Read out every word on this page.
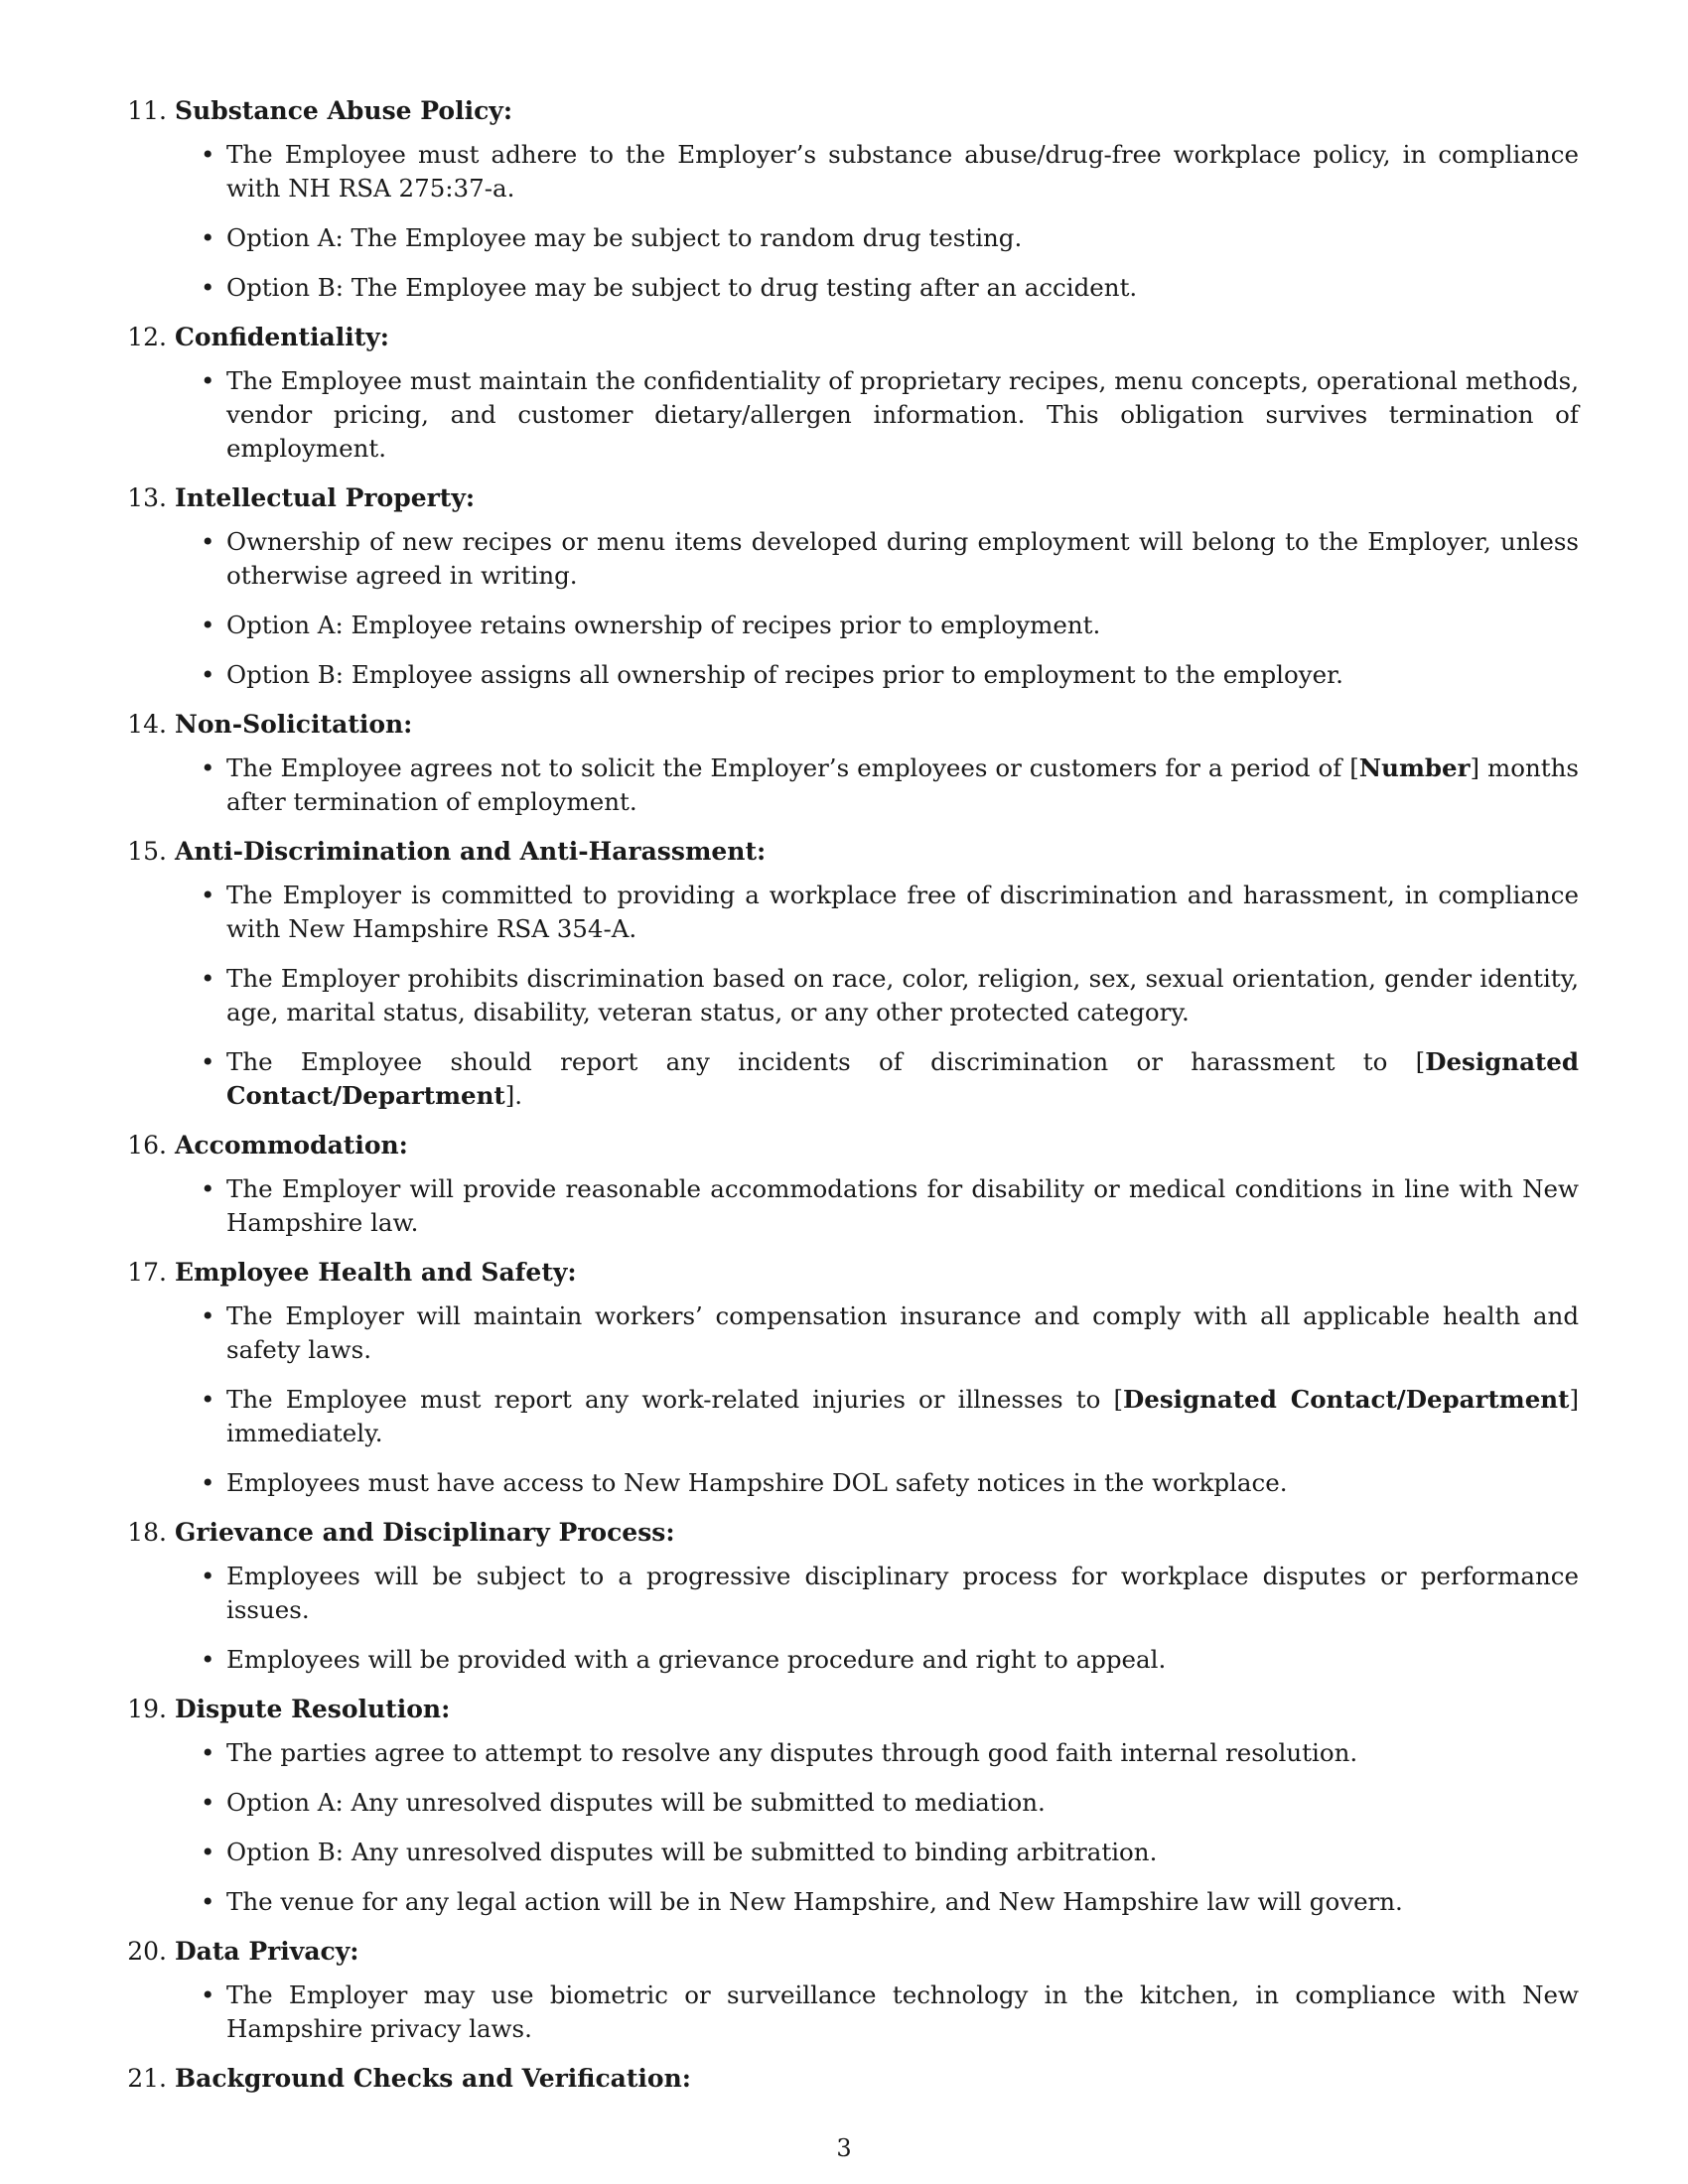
11. Substance Abuse Policy:
• The Employee must adhere to the Employer’s substance abuse/drug-free workplace policy, in compliance with NH RSA 275:37-a.
• Option A: The Employee may be subject to random drug testing.
• Option B: The Employee may be subject to drug testing after an accident.
12. Confidentiality:
• The Employee must maintain the confidentiality of proprietary recipes, menu concepts, operational methods, vendor pricing, and customer dietary/allergen information. This obligation survives termination of employment.
13. Intellectual Property:
• Ownership of new recipes or menu items developed during employment will belong to the Employer, unless otherwise agreed in writing.
• Option A: Employee retains ownership of recipes prior to employment.
• Option B: Employee assigns all ownership of recipes prior to employment to the employer.
14. Non-Solicitation:
• The Employee agrees not to solicit the Employer’s employees or customers for a period of [Number] months after termination of employment.
15. Anti-Discrimination and Anti-Harassment:
• The Employer is committed to providing a workplace free of discrimination and harassment, in compliance with New Hampshire RSA 354-A.
• The Employer prohibits discrimination based on race, color, religion, sex, sexual orientation, gender identity, age, marital status, disability, veteran status, or any other protected category.
• The Employee should report any incidents of discrimination or harassment to [Designated Contact/Department].
16. Accommodation:
• The Employer will provide reasonable accommodations for disability or medical conditions in line with New Hampshire law.
17. Employee Health and Safety:
• The Employer will maintain workers’ compensation insurance and comply with all applicable health and safety laws.
• The Employee must report any work-related injuries or illnesses to [Designated Contact/Department] immediately.
• Employees must have access to New Hampshire DOL safety notices in the workplace.
18. Grievance and Disciplinary Process:
• Employees will be subject to a progressive disciplinary process for workplace disputes or performance issues.
• Employees will be provided with a grievance procedure and right to appeal.
19. Dispute Resolution:
• The parties agree to attempt to resolve any disputes through good faith internal resolution.
• Option A: Any unresolved disputes will be submitted to mediation.
• Option B: Any unresolved disputes will be submitted to binding arbitration.
• The venue for any legal action will be in New Hampshire, and New Hampshire law will govern.
20. Data Privacy:
• The Employer may use biometric or surveillance technology in the kitchen, in compliance with New Hampshire privacy laws.
21. Background Checks and Verification:
3
